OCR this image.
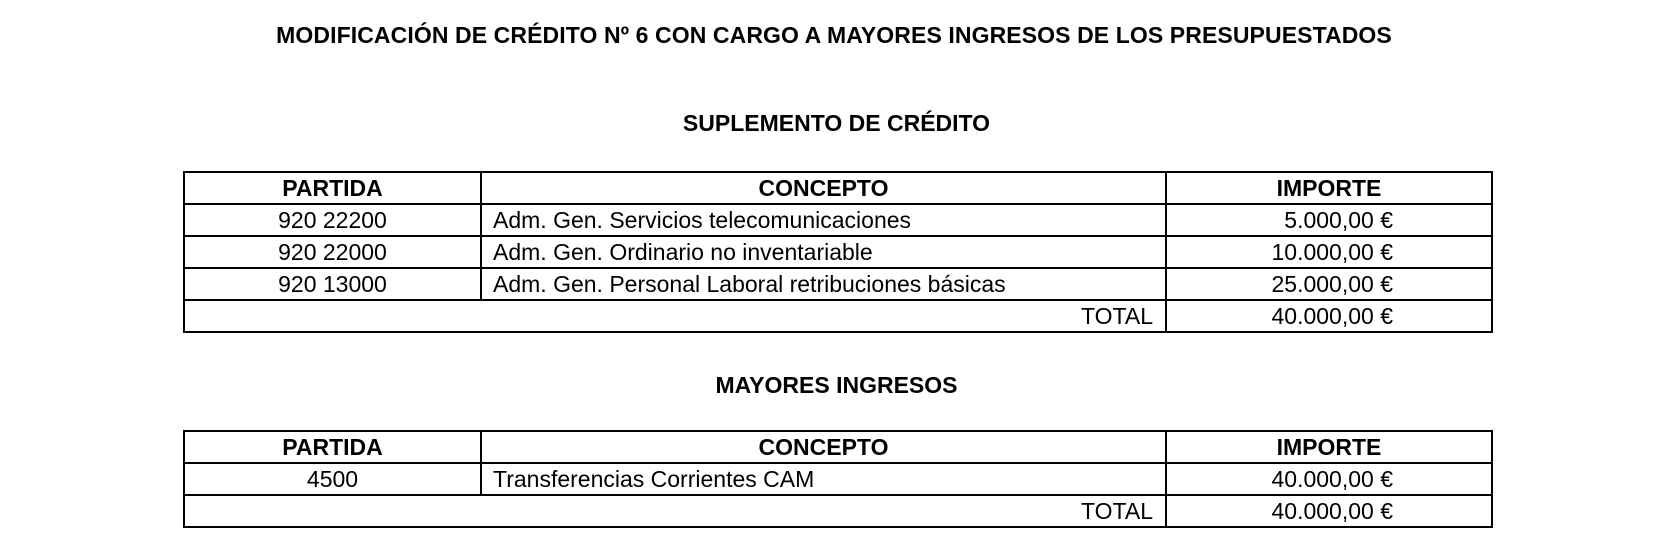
MODIFICACIÓN DE CRÉDITO Nº 6 CON CARGO A MAYORES INGRESOS DE LOS PRESUPUESTADOS
SUPLEMENTO DE CRÉDITO
PARTIDA	CONCEPTO	IMPORTE
920 22200	Adm. Gen. Servicios telecomunicaciones	5.000,00 €
920 22000	Adm. Gen. Ordinario no inventariable	10.000,00 €
920 13000	Adm. Gen. Personal Laboral retribuciones básicas	25.000,00 €
TOTAL		40.000,00 €
MAYORES INGRESOS
PARTIDA	CONCEPTO	IMPORTE
4500	Transferencias Corrientes CAM	40.000,00 €
TOTAL		40.000,00 €
